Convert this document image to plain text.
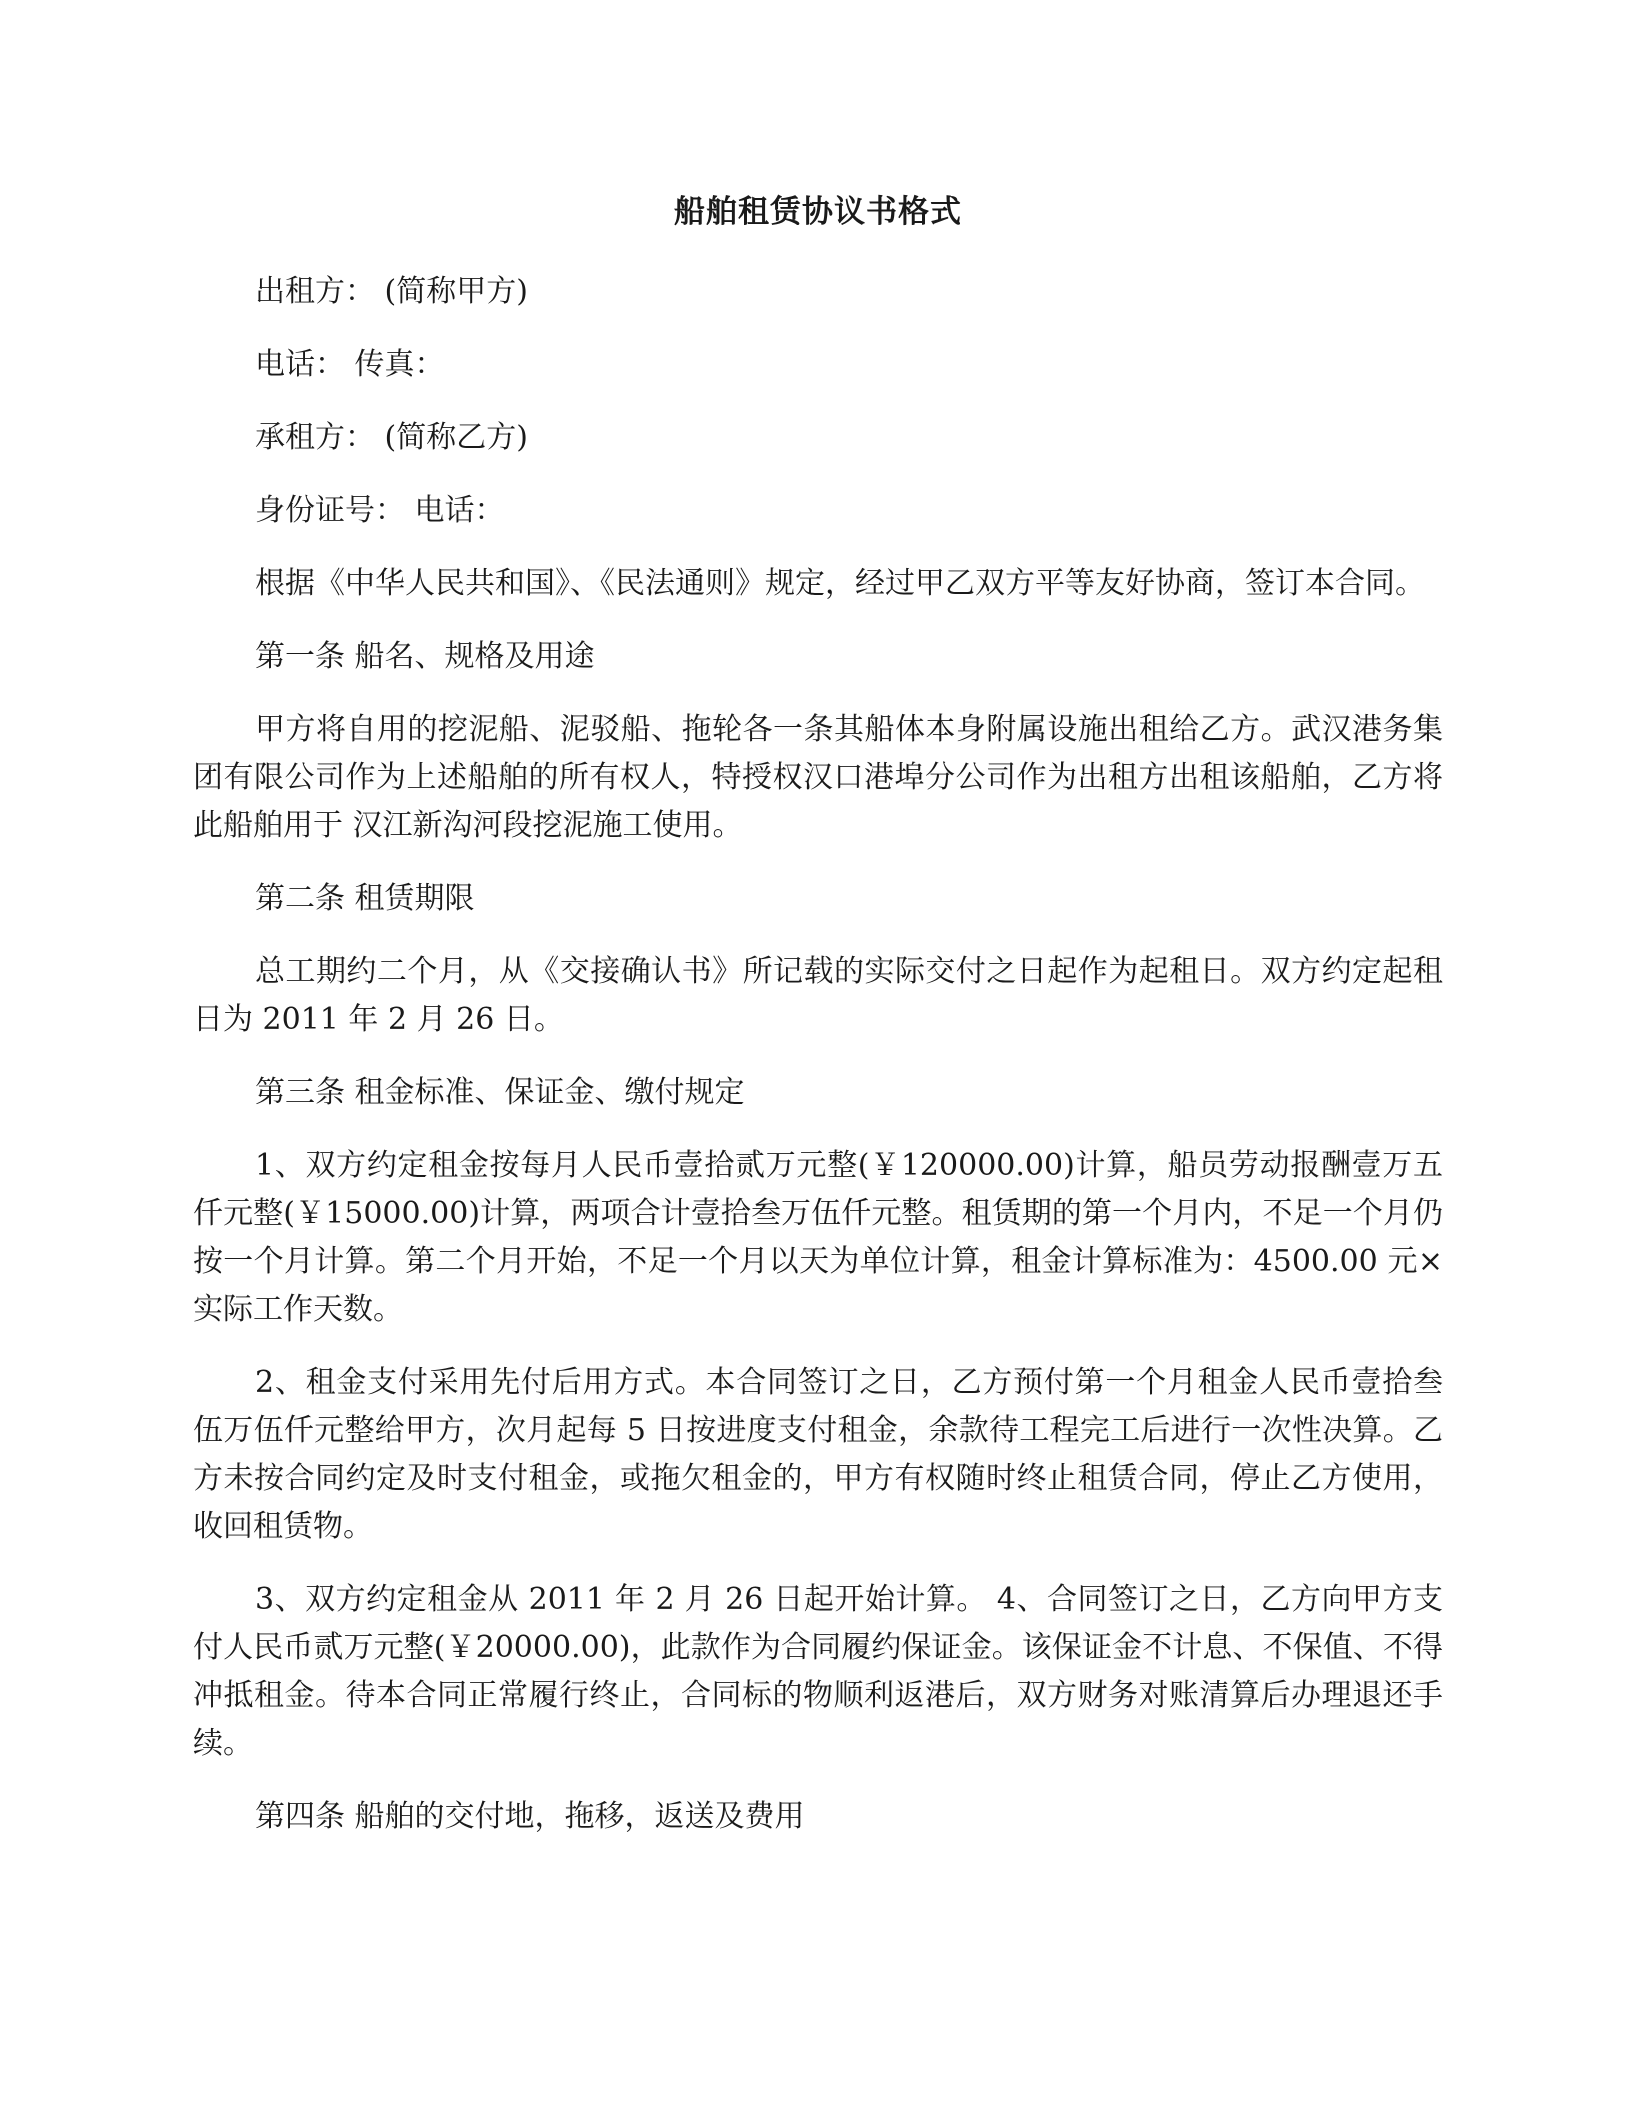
船舶租赁协议书格式

出租方： (简称甲方)

电话： 传真：

承租方： (简称乙方)

身份证号： 电话：

根据《中华人民共和国》、《民法通则》规定，经过甲乙双方平等友好协商，签订本合同。

第一条 船名、规格及用途

甲方将自用的挖泥船、泥驳船、拖轮各一条其船体本身附属设施出租给乙方。武汉港务集团有限公司作为上述船舶的所有权人，特授权汉口港埠分公司作为出租方出租该船舶，乙方将此船舶用于 汉江新沟河段挖泥施工使用。

第二条 租赁期限

总工期约二个月，从《交接确认书》所记载的实际交付之日起作为起租日。双方约定起租日为 2011 年 2 月 26 日。

第三条 租金标准、保证金、缴付规定

1、双方约定租金按每月人民币壹拾贰万元整(￥120000.00)计算，船员劳动报酬壹万五仟元整(￥15000.00)计算，两项合计壹拾叁万伍仟元整。租赁期的第一个月内，不足一个月仍按一个月计算。第二个月开始，不足一个月以天为单位计算，租金计算标准为：4500.00 元×实际工作天数。

2、租金支付采用先付后用方式。本合同签订之日，乙方预付第一个月租金人民币壹拾叁伍万伍仟元整给甲方，次月起每 5 日按进度支付租金，余款待工程完工后进行一次性决算。乙方未按合同约定及时支付租金，或拖欠租金的，甲方有权随时终止租赁合同，停止乙方使用，收回租赁物。

3、双方约定租金从 2011 年 2 月 26 日起开始计算。 4、合同签订之日，乙方向甲方支付人民币贰万元整(￥20000.00)，此款作为合同履约保证金。该保证金不计息、不保值、不得冲抵租金。待本合同正常履行终止，合同标的物顺利返港后，双方财务对账清算后办理退还手续。

第四条 船舶的交付地，拖移，返送及费用
